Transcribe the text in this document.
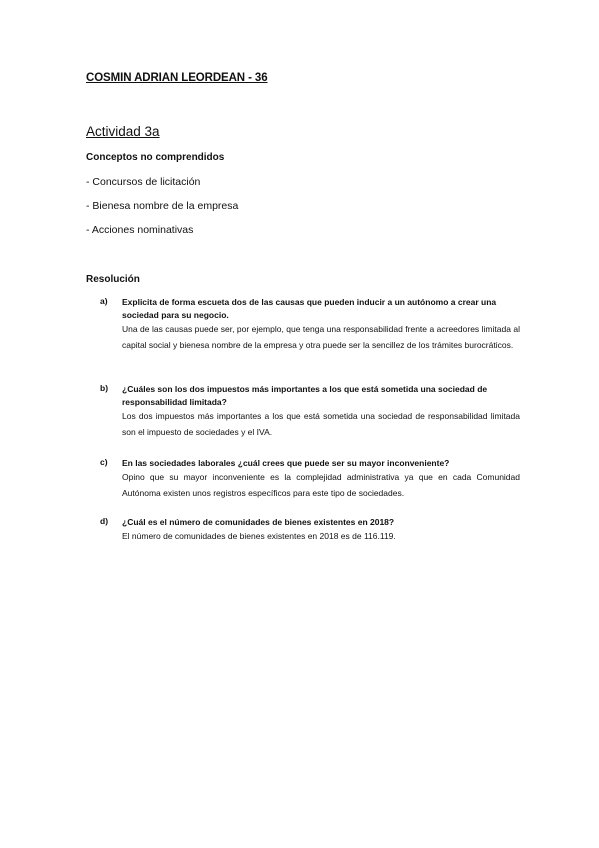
COSMIN ADRIAN LEORDEAN - 36
Actividad 3a
Conceptos no comprendidos
- Concursos de licitación
- Bienesa nombre de la empresa
- Acciones nominativas
Resolución
a) Explicita de forma escueta dos de las causas que pueden inducir a un autónomo a crear una sociedad para su negocio.

Una de las causas puede ser, por ejemplo, que tenga una responsabilidad frente a acreedores limitada al capital social y bienesa nombre de la empresa y otra puede ser la sencillez de los trámites burocráticos.

b) ¿Cuáles son los dos impuestos más importantes a los que está sometida una sociedad de responsabilidad limitada?

Los dos impuestos más importantes a los que está sometida una sociedad de responsabilidad limitada son el impuesto de sociedades y el IVA.

c) En las sociedades laborales ¿cuál crees que puede ser su mayor inconveniente?

Opino que su mayor inconveniente es la complejidad administrativa ya que en cada Comunidad Autónoma existen unos registros específicos para este tipo de sociedades.

d) ¿Cuál es el número de comunidades de bienes existentes en 2018?

El número de comunidades de bienes existentes en 2018 es de 116.119.
